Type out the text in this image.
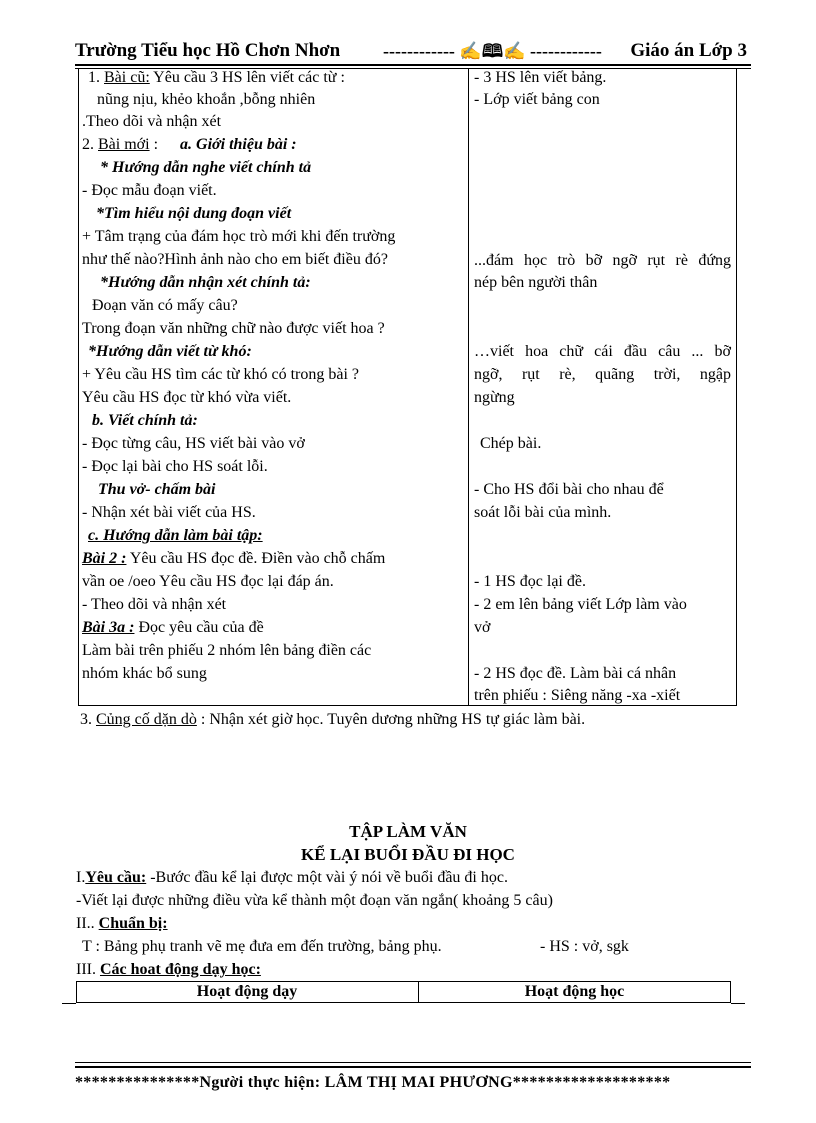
Trường Tiểu học Hồ Chơn Nhơn ------------ ✍🕮✍ ------------ Giáo án Lớp 3
1. Bài cũ: Yêu cầu 3 HS lên viết các từ :
nũng nịu, khẻo khoắn ,bỗng nhiên
.Theo dõi và nhận xét
2. Bài mới : a. Giới thiệu bài :
* Hướng dẫn nghe viết chính tả
- Đọc mẫu đoạn viết.
*Tìm hiểu nội dung đoạn viết
+ Tâm trạng của đám học trò mới khi đến trường
như thế nào?Hình ảnh nào cho em biết điều đó?
*Hướng dẫn nhận xét chính tả:
Đoạn văn có mấy câu?
Trong đoạn văn những chữ nào được viết hoa ?
*Hướng dẫn viết từ khó:
+ Yêu cầu HS tìm các từ khó có trong bài ?
Yêu cầu HS đọc từ khó vừa viết.
b. Viết chính tả:
- Đọc từng câu, HS viết bài vào vở
- Đọc lại bài cho HS soát lỗi.
Thu vở- chấm bài
- Nhận xét bài viết của HS.
c. Hướng dẫn làm bài tập:
Bài 2 : Yêu cầu HS đọc đề. Điền vào chỗ chấm
vần oe /oeo Yêu cầu HS đọc lại đáp án.
- Theo dõi và nhận xét
Bài 3a : Đọc yêu cầu của đề
Làm bài trên phiếu 2 nhóm lên bảng điền các
nhóm khác bổ sung
- 3 HS lên viết bảng.
- Lớp viết bảng con
...đám học trò bỡ ngỡ rụt rè đứng
nép bên người thân
…viết hoa chữ cái đầu câu ... bỡ
ngỡ, rụt rè, quãng trời, ngập
ngừng
Chép bài.
- Cho HS đổi bài cho nhau để
soát lỗi bài của mình.
- 1 HS đọc lại đề.
- 2 em lên bảng viết Lớp làm vào
vở
- 2 HS đọc đề. Làm bài cá nhân
trên phiếu : Siêng năng -xa -xiết
3. Củng cố dặn dò : Nhận xét giờ học. Tuyên dương những HS tự giác làm bài.
TẬP LÀM VĂN
KỂ LẠI BUỔI ĐẦU ĐI HỌC
I.Yêu cầu: -Bước đầu kể lại được một vài ý nói về buổi đầu đi học.
-Viết lại được những điều vừa kể thành một đoạn văn ngắn( khoảng 5 câu)
II.. Chuẩn bị:
T : Bảng phụ tranh vẽ mẹ đưa em đến trường, bảng phụ.	- HS : vở, sgk
III. Các hoat động dạy học:
Hoạt động dạy	Hoạt động học
***************Người thực hiện: LÂM THỊ MAI PHƯƠNG*******************
